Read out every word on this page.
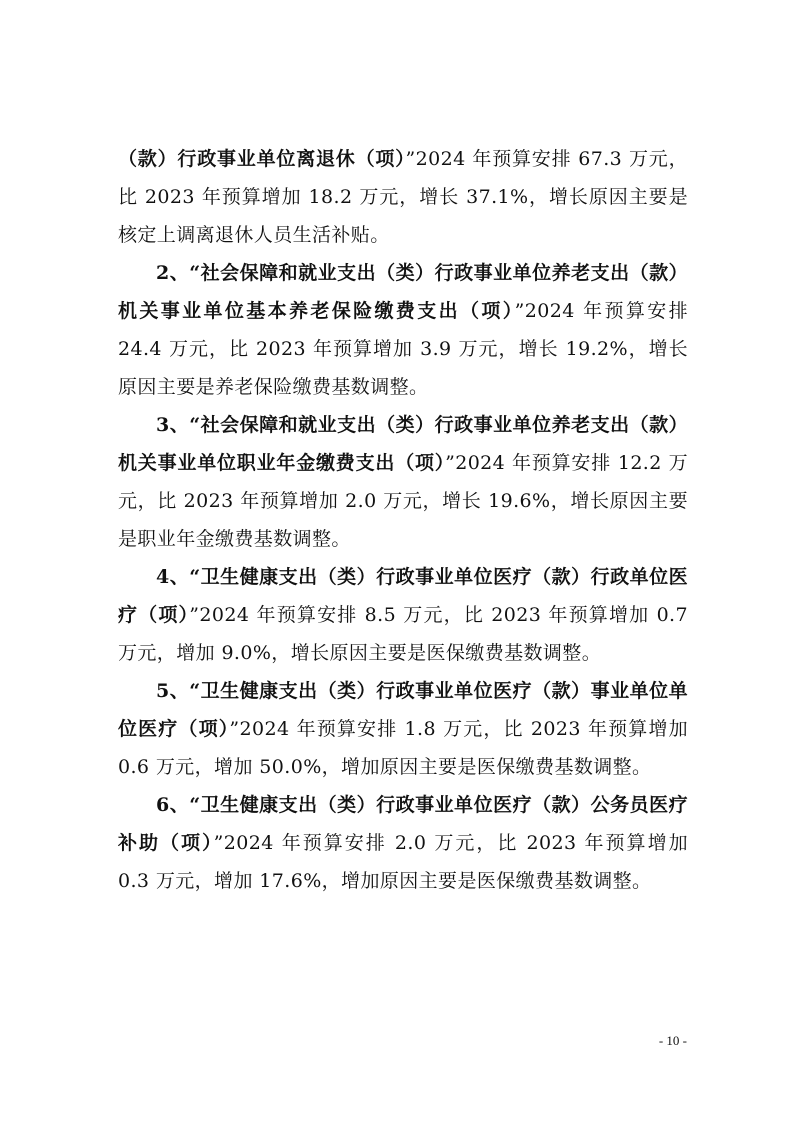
（款）行政事业单位离退休（项）”2024 年预算安排 67.3 万元，比 2023 年预算增加 18.2 万元，增长 37.1%，增长原因主要是核定上调离退休人员生活补贴。

2、“社会保障和就业支出（类）行政事业单位养老支出（款）机关事业单位基本养老保险缴费支出（项）”2024 年预算安排 24.4 万元，比 2023 年预算增加 3.9 万元，增长 19.2%，增长原因主要是养老保险缴费基数调整。

3、“社会保障和就业支出（类）行政事业单位养老支出（款）机关事业单位职业年金缴费支出（项）”2024 年预算安排 12.2 万元，比 2023 年预算增加 2.0 万元，增长 19.6%，增长原因主要是职业年金缴费基数调整。

4、“卫生健康支出（类）行政事业单位医疗（款）行政单位医疗（项）”2024 年预算安排 8.5 万元，比 2023 年预算增加 0.7 万元，增加 9.0%，增长原因主要是医保缴费基数调整。

5、“卫生健康支出（类）行政事业单位医疗（款）事业单位单位医疗（项）”2024 年预算安排 1.8 万元，比 2023 年预算增加 0.6 万元，增加 50.0%，增加原因主要是医保缴费基数调整。

6、“卫生健康支出（类）行政事业单位医疗（款）公务员医疗补助（项）”2024 年预算安排 2.0 万元，比 2023 年预算增加 0.3 万元，增加 17.6%，增加原因主要是医保缴费基数调整。

- 10 -
